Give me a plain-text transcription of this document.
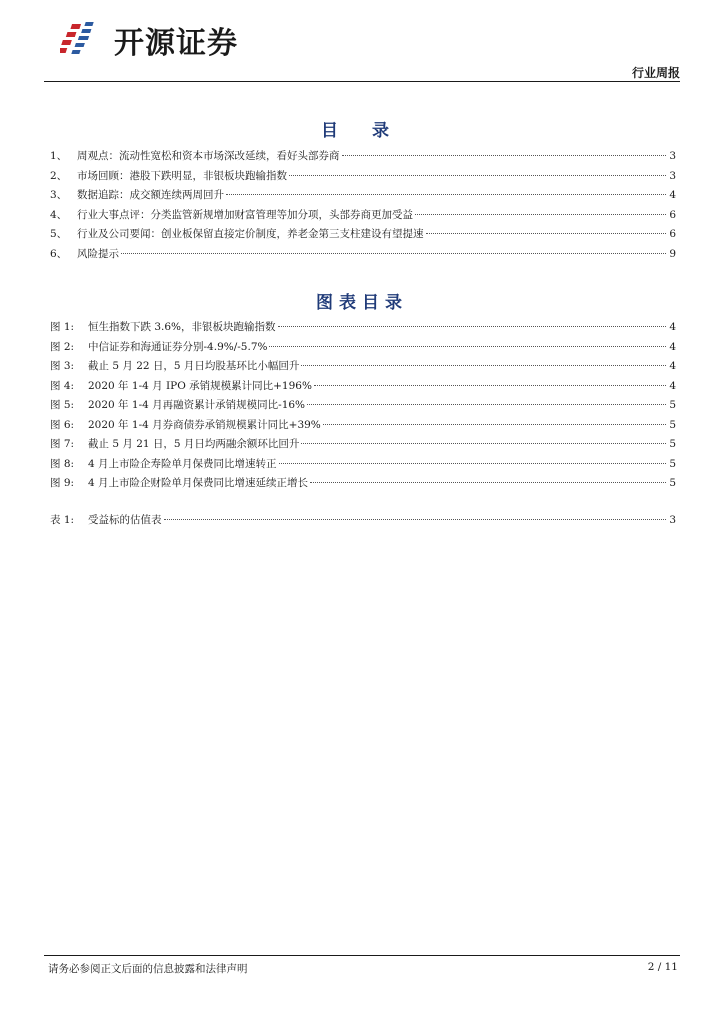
开源证券
行业周报
目 录
1、 周观点：流动性宽松和资本市场深改延续，看好头部券商	3
2、 市场回顾：港股下跌明显，非银板块跑输指数	3
3、 数据追踪：成交额连续两周回升	4
4、 行业大事点评：分类监管新规增加财富管理等加分项，头部券商更加受益	6
5、 行业及公司要闻：创业板保留直接定价制度，养老金第三支柱建设有望提速	6
6、 风险提示	9
图表目录
图 1:	恒生指数下跌 3.6%，非银板块跑输指数	4
图 2:	中信证券和海通证券分别-4.9%/-5.7%	4
图 3:	截止 5 月 22 日，5 月日均股基环比小幅回升	4
图 4:	2020 年 1-4 月 IPO 承销规模累计同比+196%	4
图 5:	2020 年 1-4 月再融资累计承销规模同比-16%	5
图 6:	2020 年 1-4 月券商债券承销规模累计同比+39%	5
图 7:	截止 5 月 21 日，5 月日均两融余额环比回升	5
图 8:	4 月上市险企寿险单月保费同比增速转正	5
图 9:	4 月上市险企财险单月保费同比增速延续正增长	5
表 1:	受益标的估值表	3
请务必参阅正文后面的信息披露和法律声明	2 / 11
